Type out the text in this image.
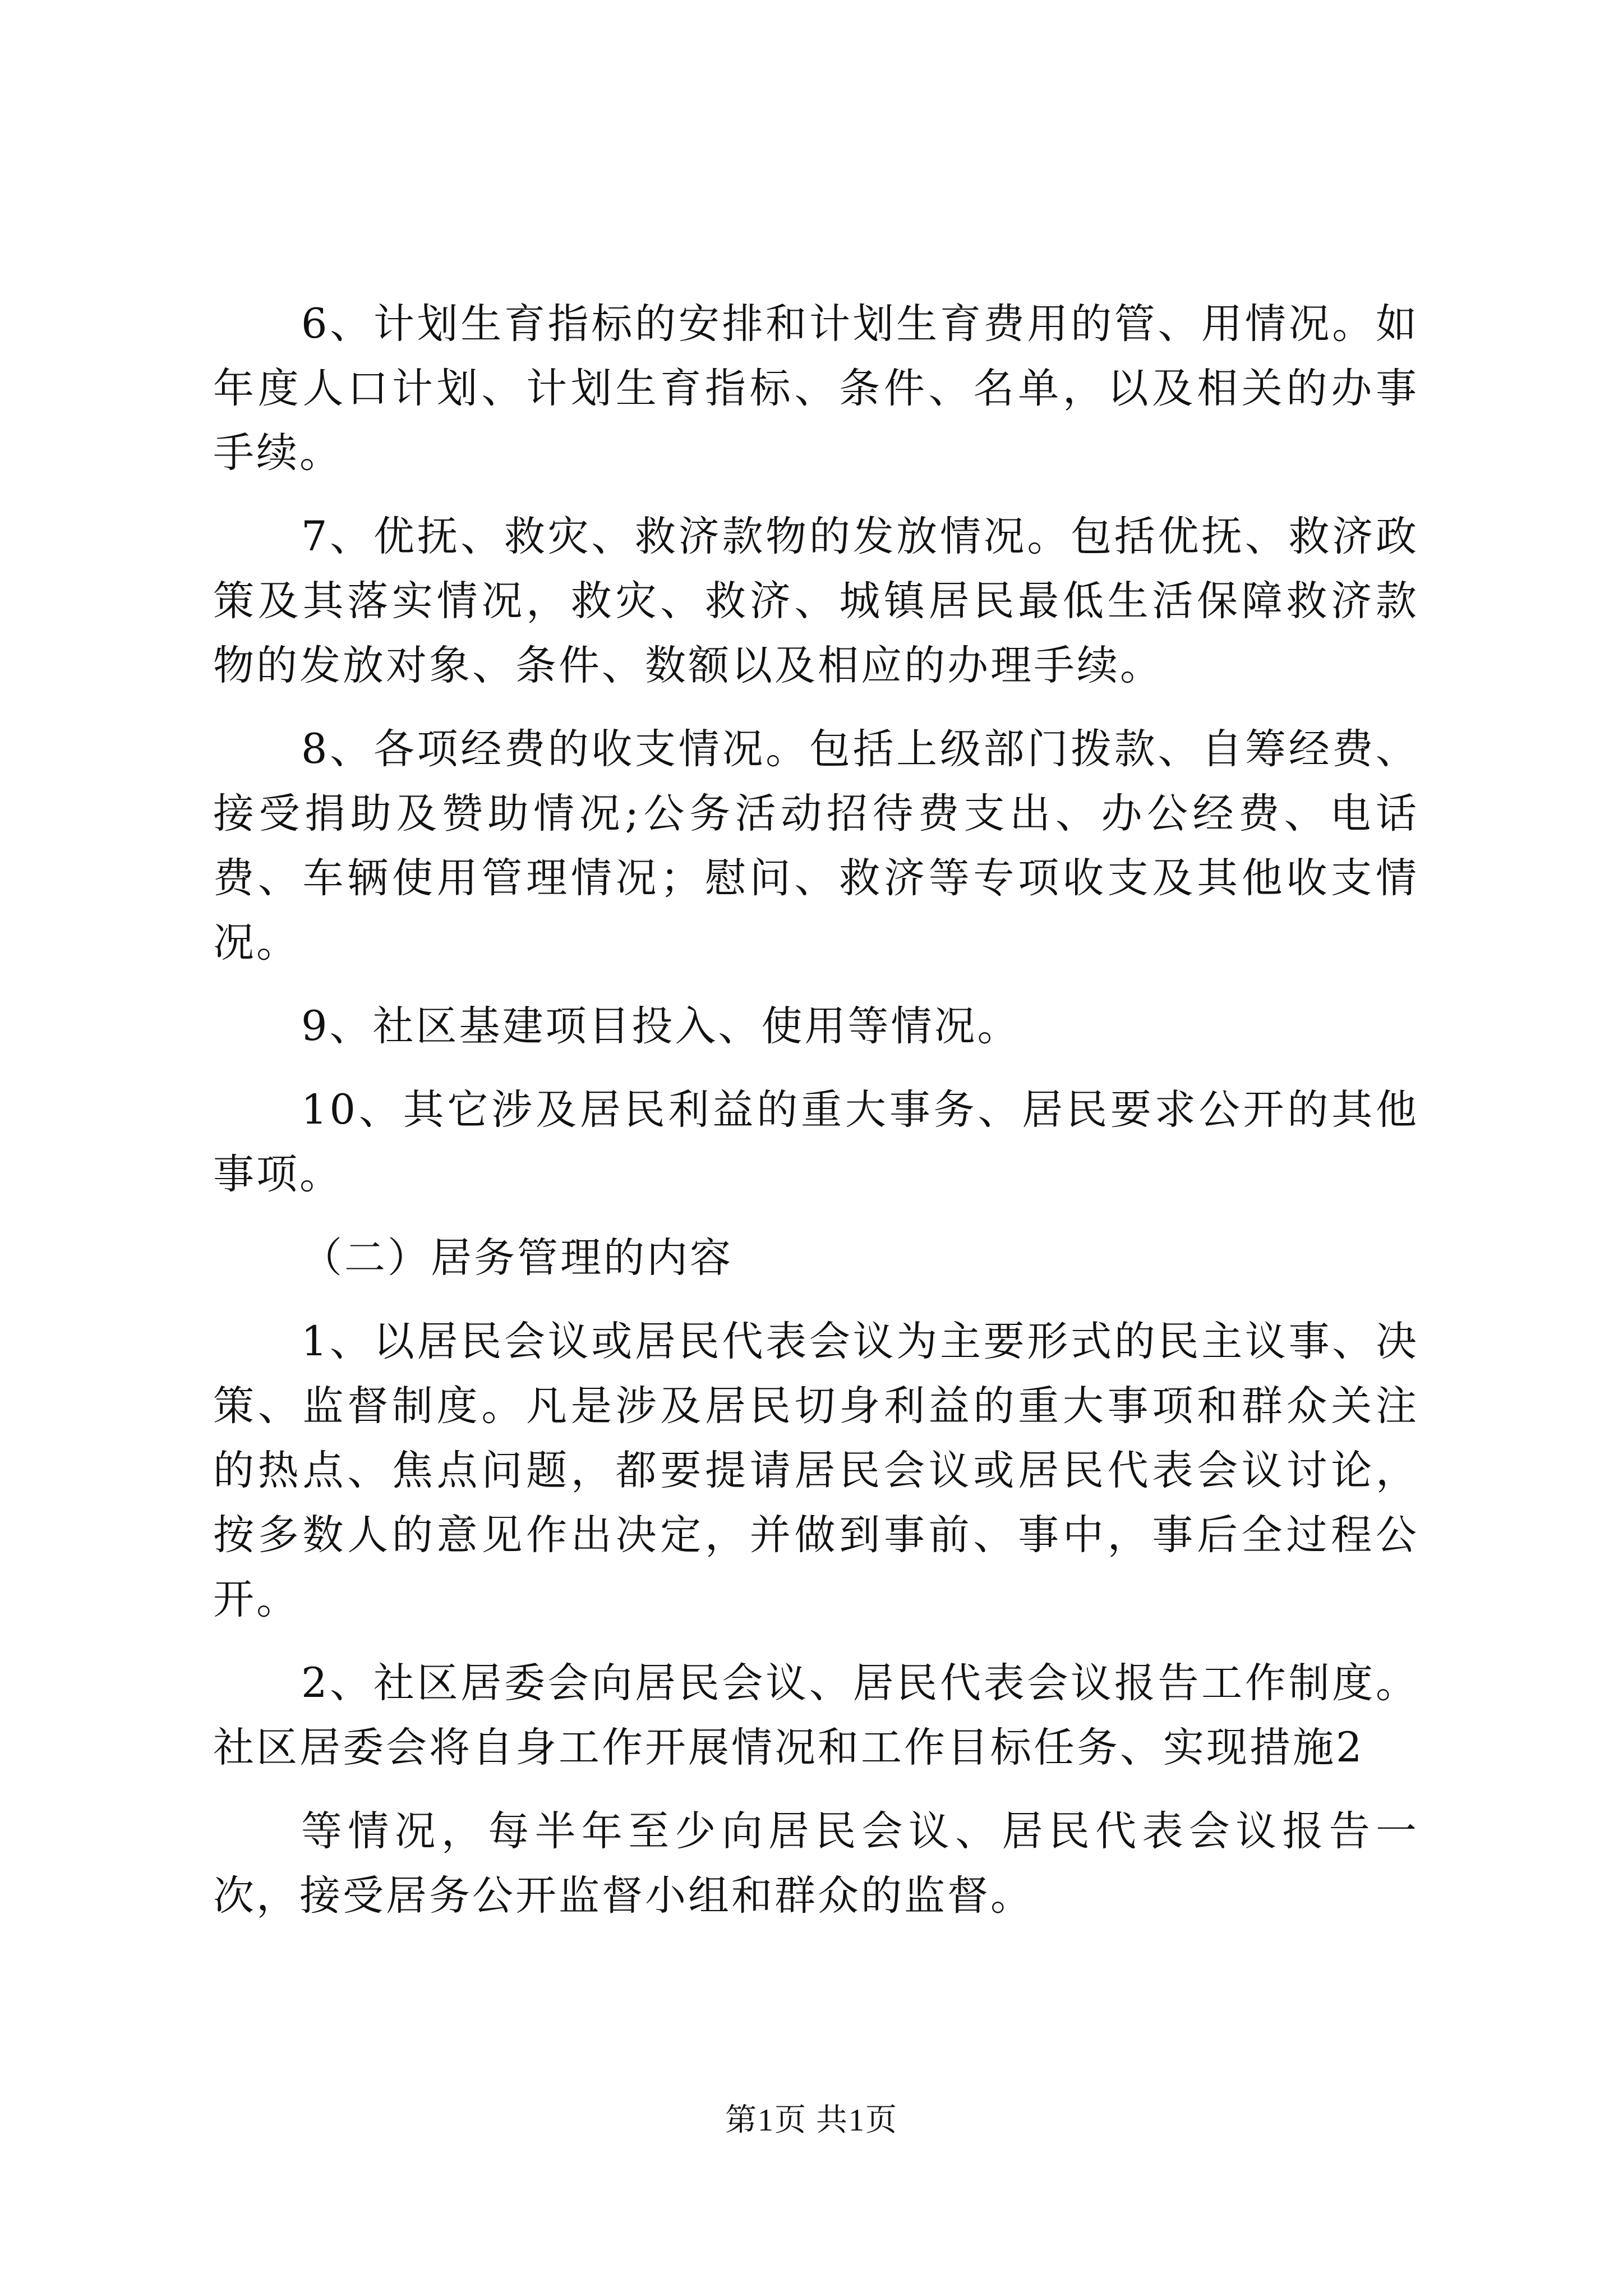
6、计划生育指标的安排和计划生育费用的管、用情况。如年度人口计划、计划生育指标、条件、名单，以及相关的办事手续。

7、优抚、救灾、救济款物的发放情况。包括优抚、救济政策及其落实情况，救灾、救济、城镇居民最低生活保障救济款物的发放对象、条件、数额以及相应的办理手续。

8、各项经费的收支情况。包括上级部门拨款、自筹经费、接受捐助及赞助情况;公务活动招待费支出、办公经费、电话费、车辆使用管理情况；慰问、救济等专项收支及其他收支情况。

9、社区基建项目投入、使用等情况。

10、其它涉及居民利益的重大事务、居民要求公开的其他事项。

（二）居务管理的内容

1、以居民会议或居民代表会议为主要形式的民主议事、决策、监督制度。凡是涉及居民切身利益的重大事项和群众关注的热点、焦点问题，都要提请居民会议或居民代表会议讨论，按多数人的意见作出决定，并做到事前、事中，事后全过程公开。

2、社区居委会向居民会议、居民代表会议报告工作制度。社区居委会将自身工作开展情况和工作目标任务、实现措施2

等情况，每半年至少向居民会议、居民代表会议报告一次，接受居务公开监督小组和群众的监督。

第1页 共1页
